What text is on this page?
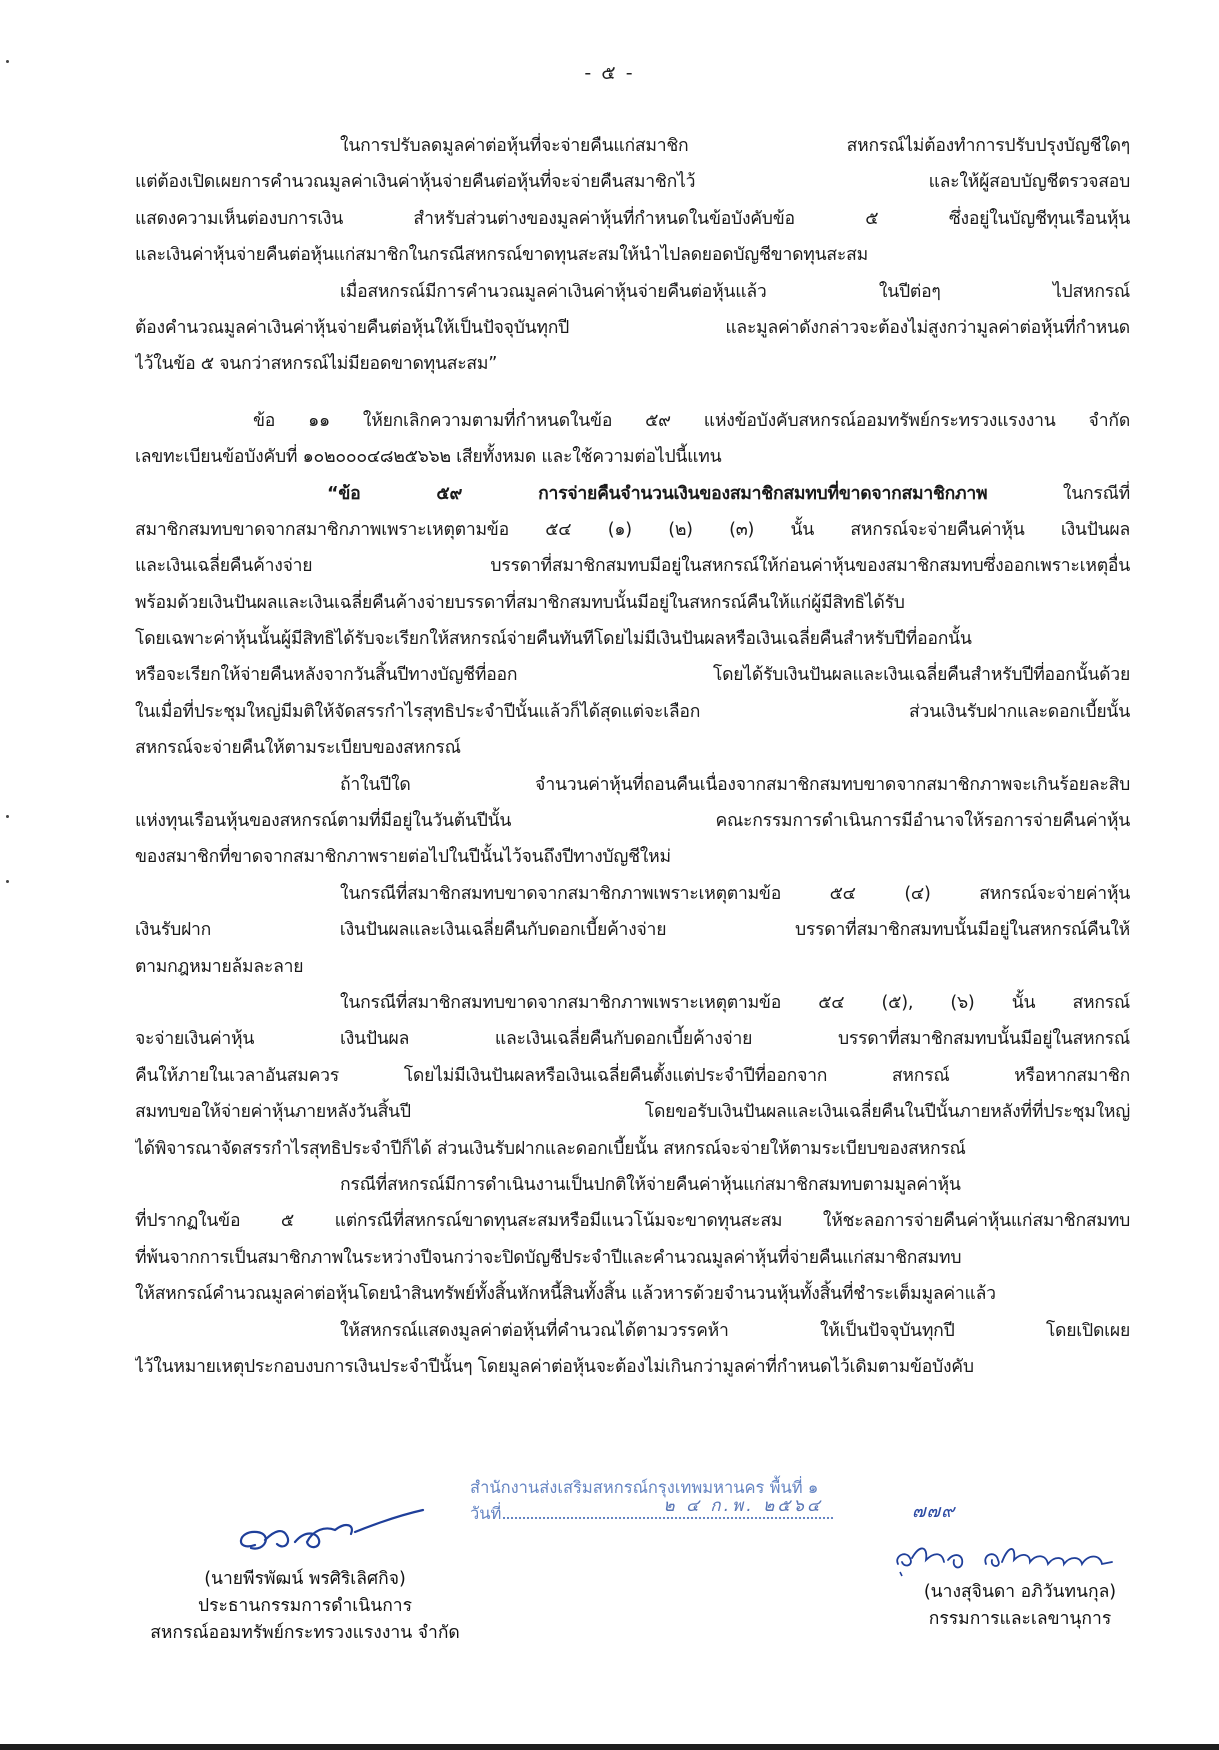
- ๕ -
ในการปรับลดมูลค่าต่อหุ้นที่จะจ่ายคืนแก่สมาชิก สหกรณ์ไม่ต้องทำการปรับปรุงบัญชีใดๆ
แต่ต้องเปิดเผยการคำนวณมูลค่าเงินค่าหุ้นจ่ายคืนต่อหุ้นที่จะจ่ายคืนสมาชิกไว้ และให้ผู้สอบบัญชีตรวจสอบ
แสดงความเห็นต่องบการเงิน สำหรับส่วนต่างของมูลค่าหุ้นที่กำหนดในข้อบังคับข้อ ๕ ซึ่งอยู่ในบัญชีทุนเรือนหุ้น
และเงินค่าหุ้นจ่ายคืนต่อหุ้นแก่สมาชิกในกรณีสหกรณ์ขาดทุนสะสมให้นำไปลดยอดบัญชีขาดทุนสะสม
เมื่อสหกรณ์มีการคำนวณมูลค่าเงินค่าหุ้นจ่ายคืนต่อหุ้นแล้ว ในปีต่อๆ ไปสหกรณ์
ต้องคำนวณมูลค่าเงินค่าหุ้นจ่ายคืนต่อหุ้นให้เป็นปัจจุบันทุกปี และมูลค่าดังกล่าวจะต้องไม่สูงกว่ามูลค่าต่อหุ้นที่กำหนด
ไว้ในข้อ ๕ จนกว่าสหกรณ์ไม่มียอดขาดทุนสะสม”
ข้อ ๑๑ ให้ยกเลิกความตามที่กำหนดในข้อ ๕๙ แห่งข้อบังคับสหกรณ์ออมทรัพย์กระทรวงแรงงาน จำกัด
เลขทะเบียนข้อบังคับที่ ๑๐๒๐๐๐๔๘๒๕๖๖๒ เสียทั้งหมด และใช้ความต่อไปนี้แทน
“ข้อ ๕๙ การจ่ายคืนจำนวนเงินของสมาชิกสมทบที่ขาดจากสมาชิกภาพ ในกรณีที่
สมาชิกสมทบขาดจากสมาชิกภาพเพราะเหตุตามข้อ ๕๔ (๑) (๒) (๓) นั้น สหกรณ์จะจ่ายคืนค่าหุ้น เงินปันผล
และเงินเฉลี่ยคืนค้างจ่าย บรรดาที่สมาชิกสมทบมีอยู่ในสหกรณ์ให้ก่อนค่าหุ้นของสมาชิกสมทบซึ่งออกเพราะเหตุอื่น
พร้อมด้วยเงินปันผลและเงินเฉลี่ยคืนค้างจ่ายบรรดาที่สมาชิกสมทบนั้นมีอยู่ในสหกรณ์คืนให้แก่ผู้มีสิทธิได้รับ
โดยเฉพาะค่าหุ้นนั้นผู้มีสิทธิได้รับจะเรียกให้สหกรณ์จ่ายคืนทันทีโดยไม่มีเงินปันผลหรือเงินเฉลี่ยคืนสำหรับปีที่ออกนั้น
หรือจะเรียกให้จ่ายคืนหลังจากวันสิ้นปีทางบัญชีที่ออก โดยได้รับเงินปันผลและเงินเฉลี่ยคืนสำหรับปีที่ออกนั้นด้วย
ในเมื่อที่ประชุมใหญ่มีมติให้จัดสรรกำไรสุทธิประจำปีนั้นแล้วก็ได้สุดแต่จะเลือก ส่วนเงินรับฝากและดอกเบี้ยนั้น
สหกรณ์จะจ่ายคืนให้ตามระเบียบของสหกรณ์
ถ้าในปีใด จำนวนค่าหุ้นที่ถอนคืนเนื่องจากสมาชิกสมทบขาดจากสมาชิกภาพจะเกินร้อยละสิบ
แห่งทุนเรือนหุ้นของสหกรณ์ตามที่มีอยู่ในวันต้นปีนั้น คณะกรรมการดำเนินการมีอำนาจให้รอการจ่ายคืนค่าหุ้น
ของสมาชิกที่ขาดจากสมาชิกภาพรายต่อไปในปีนั้นไว้จนถึงปีทางบัญชีใหม่
ในกรณีที่สมาชิกสมทบขาดจากสมาชิกภาพเพราะเหตุตามข้อ ๕๔ (๔) สหกรณ์จะจ่ายค่าหุ้น
เงินรับฝาก เงินปันผลและเงินเฉลี่ยคืนกับดอกเบี้ยค้างจ่าย บรรดาที่สมาชิกสมทบนั้นมีอยู่ในสหกรณ์คืนให้
ตามกฎหมายล้มละลาย
ในกรณีที่สมาชิกสมทบขาดจากสมาชิกภาพเพราะเหตุตามข้อ ๕๔ (๕), (๖) นั้น สหกรณ์
จะจ่ายเงินค่าหุ้น เงินปันผล และเงินเฉลี่ยคืนกับดอกเบี้ยค้างจ่าย บรรดาที่สมาชิกสมทบนั้นมีอยู่ในสหกรณ์
คืนให้ภายในเวลาอันสมควร โดยไม่มีเงินปันผลหรือเงินเฉลี่ยคืนตั้งแต่ประจำปีที่ออกจาก สหกรณ์ หรือหากสมาชิก
สมทบขอให้จ่ายค่าหุ้นภายหลังวันสิ้นปี โดยขอรับเงินปันผลและเงินเฉลี่ยคืนในปีนั้นภายหลังที่ที่ประชุมใหญ่
ได้พิจารณาจัดสรรกำไรสุทธิประจำปีก็ได้ ส่วนเงินรับฝากและดอกเบี้ยนั้น สหกรณ์จะจ่ายให้ตามระเบียบของสหกรณ์
กรณีที่สหกรณ์มีการดำเนินงานเป็นปกติให้จ่ายคืนค่าหุ้นแก่สมาชิกสมทบตามมูลค่าหุ้น
ที่ปรากฏในข้อ ๕ แต่กรณีที่สหกรณ์ขาดทุนสะสมหรือมีแนวโน้มจะขาดทุนสะสม ให้ชะลอการจ่ายคืนค่าหุ้นแก่สมาชิกสมทบ
ที่พ้นจากการเป็นสมาชิกภาพในระหว่างปีจนกว่าจะปิดบัญชีประจำปีและคำนวณมูลค่าหุ้นที่จ่ายคืนแก่สมาชิกสมทบ
ให้สหกรณ์คำนวณมูลค่าต่อหุ้นโดยนำสินทรัพย์ทั้งสิ้นหักหนี้สินทั้งสิ้น แล้วหารด้วยจำนวนหุ้นทั้งสิ้นที่ชำระเต็มมูลค่าแล้ว
ให้สหกรณ์แสดงมูลค่าต่อหุ้นที่คำนวณได้ตามวรรคห้า ให้เป็นปัจจุบันทุกปี โดยเปิดเผย
ไว้ในหมายเหตุประกอบงบการเงินประจำปีนั้นๆ โดยมูลค่าต่อหุ้นจะต้องไม่เกินกว่ามูลค่าที่กำหนดไว้เดิมตามข้อบังคับ
สำนักงานส่งเสริมสหกรณ์กรุงเทพมหานคร พื้นที่ ๑
วันที่	๒ ๔ ก.พ. ๒๕๖๔	๗๗๙
(นายพีรพัฒน์ พรศิริเลิศกิจ)
ประธานกรรมการดำเนินการ
สหกรณ์ออมทรัพย์กระทรวงแรงงาน จำกัด
(นางสุจินดา อภิวันทนกุล)
กรรมการและเลขานุการ
